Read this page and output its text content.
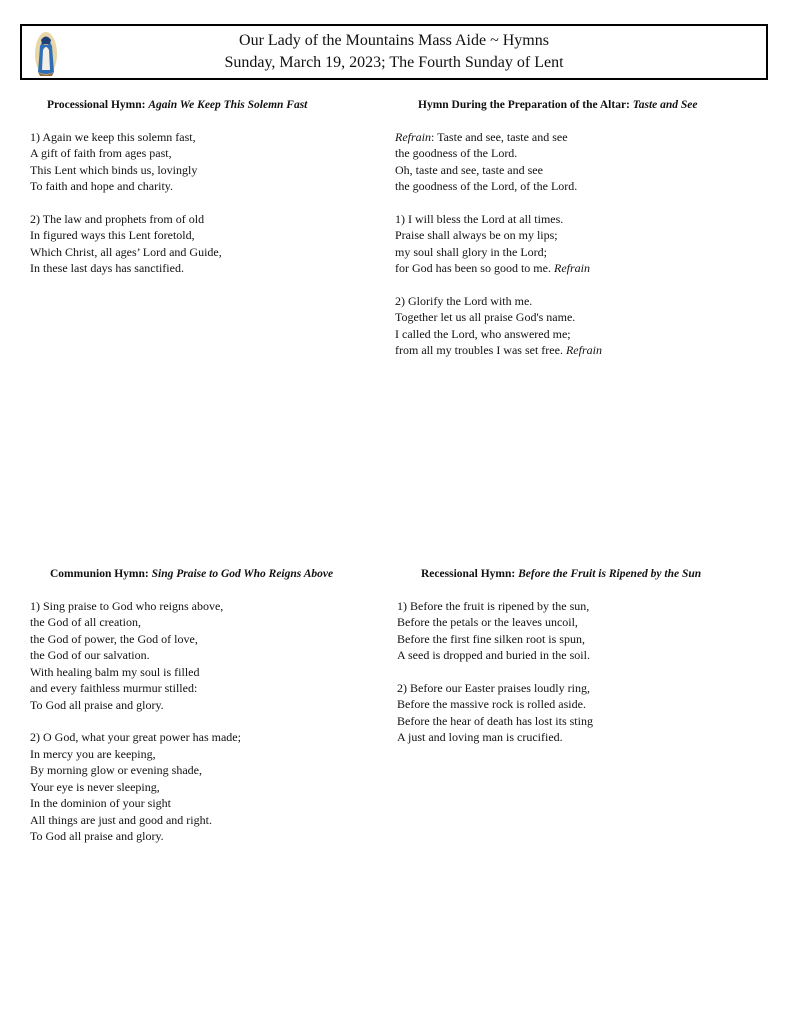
Our Lady of the Mountains Mass Aide ~ Hymns
Sunday, March 19, 2023; The Fourth Sunday of Lent
Processional Hymn: Again We Keep This Solemn Fast
1) Again we keep this solemn fast,
A gift of faith from ages past,
This Lent which binds us, lovingly
To faith and hope and charity.
2) The law and prophets from of old
In figured ways this Lent foretold,
Which Christ, all ages’ Lord and Guide,
In these last days has sanctified.
Hymn During the Preparation of the Altar: Taste and See
Refrain: Taste and see, taste and see
the goodness of the Lord.
Oh, taste and see, taste and see
the goodness of the Lord, of the Lord.
1) I will bless the Lord at all times.
Praise shall always be on my lips;
my soul shall glory in the Lord;
for God has been so good to me. Refrain
2) Glorify the Lord with me.
Together let us all praise God's name.
I called the Lord, who answered me;
from all my troubles I was set free. Refrain
Communion Hymn: Sing Praise to God Who Reigns Above
1) Sing praise to God who reigns above,
the God of all creation,
the God of power, the God of love,
the God of our salvation.
With healing balm my soul is filled
and every faithless murmur stilled:
To God all praise and glory.
2) O God, what your great power has made;
In mercy you are keeping,
By morning glow or evening shade,
Your eye is never sleeping,
In the dominion of your sight
All things are just and good and right.
To God all praise and glory.
Recessional Hymn: Before the Fruit is Ripened by the Sun
1) Before the fruit is ripened by the sun,
Before the petals or the leaves uncoil,
Before the first fine silken root is spun,
A seed is dropped and buried in the soil.
2) Before our Easter praises loudly ring,
Before the massive rock is rolled aside.
Before the hear of death has lost its sting
A just and loving man is crucified.
